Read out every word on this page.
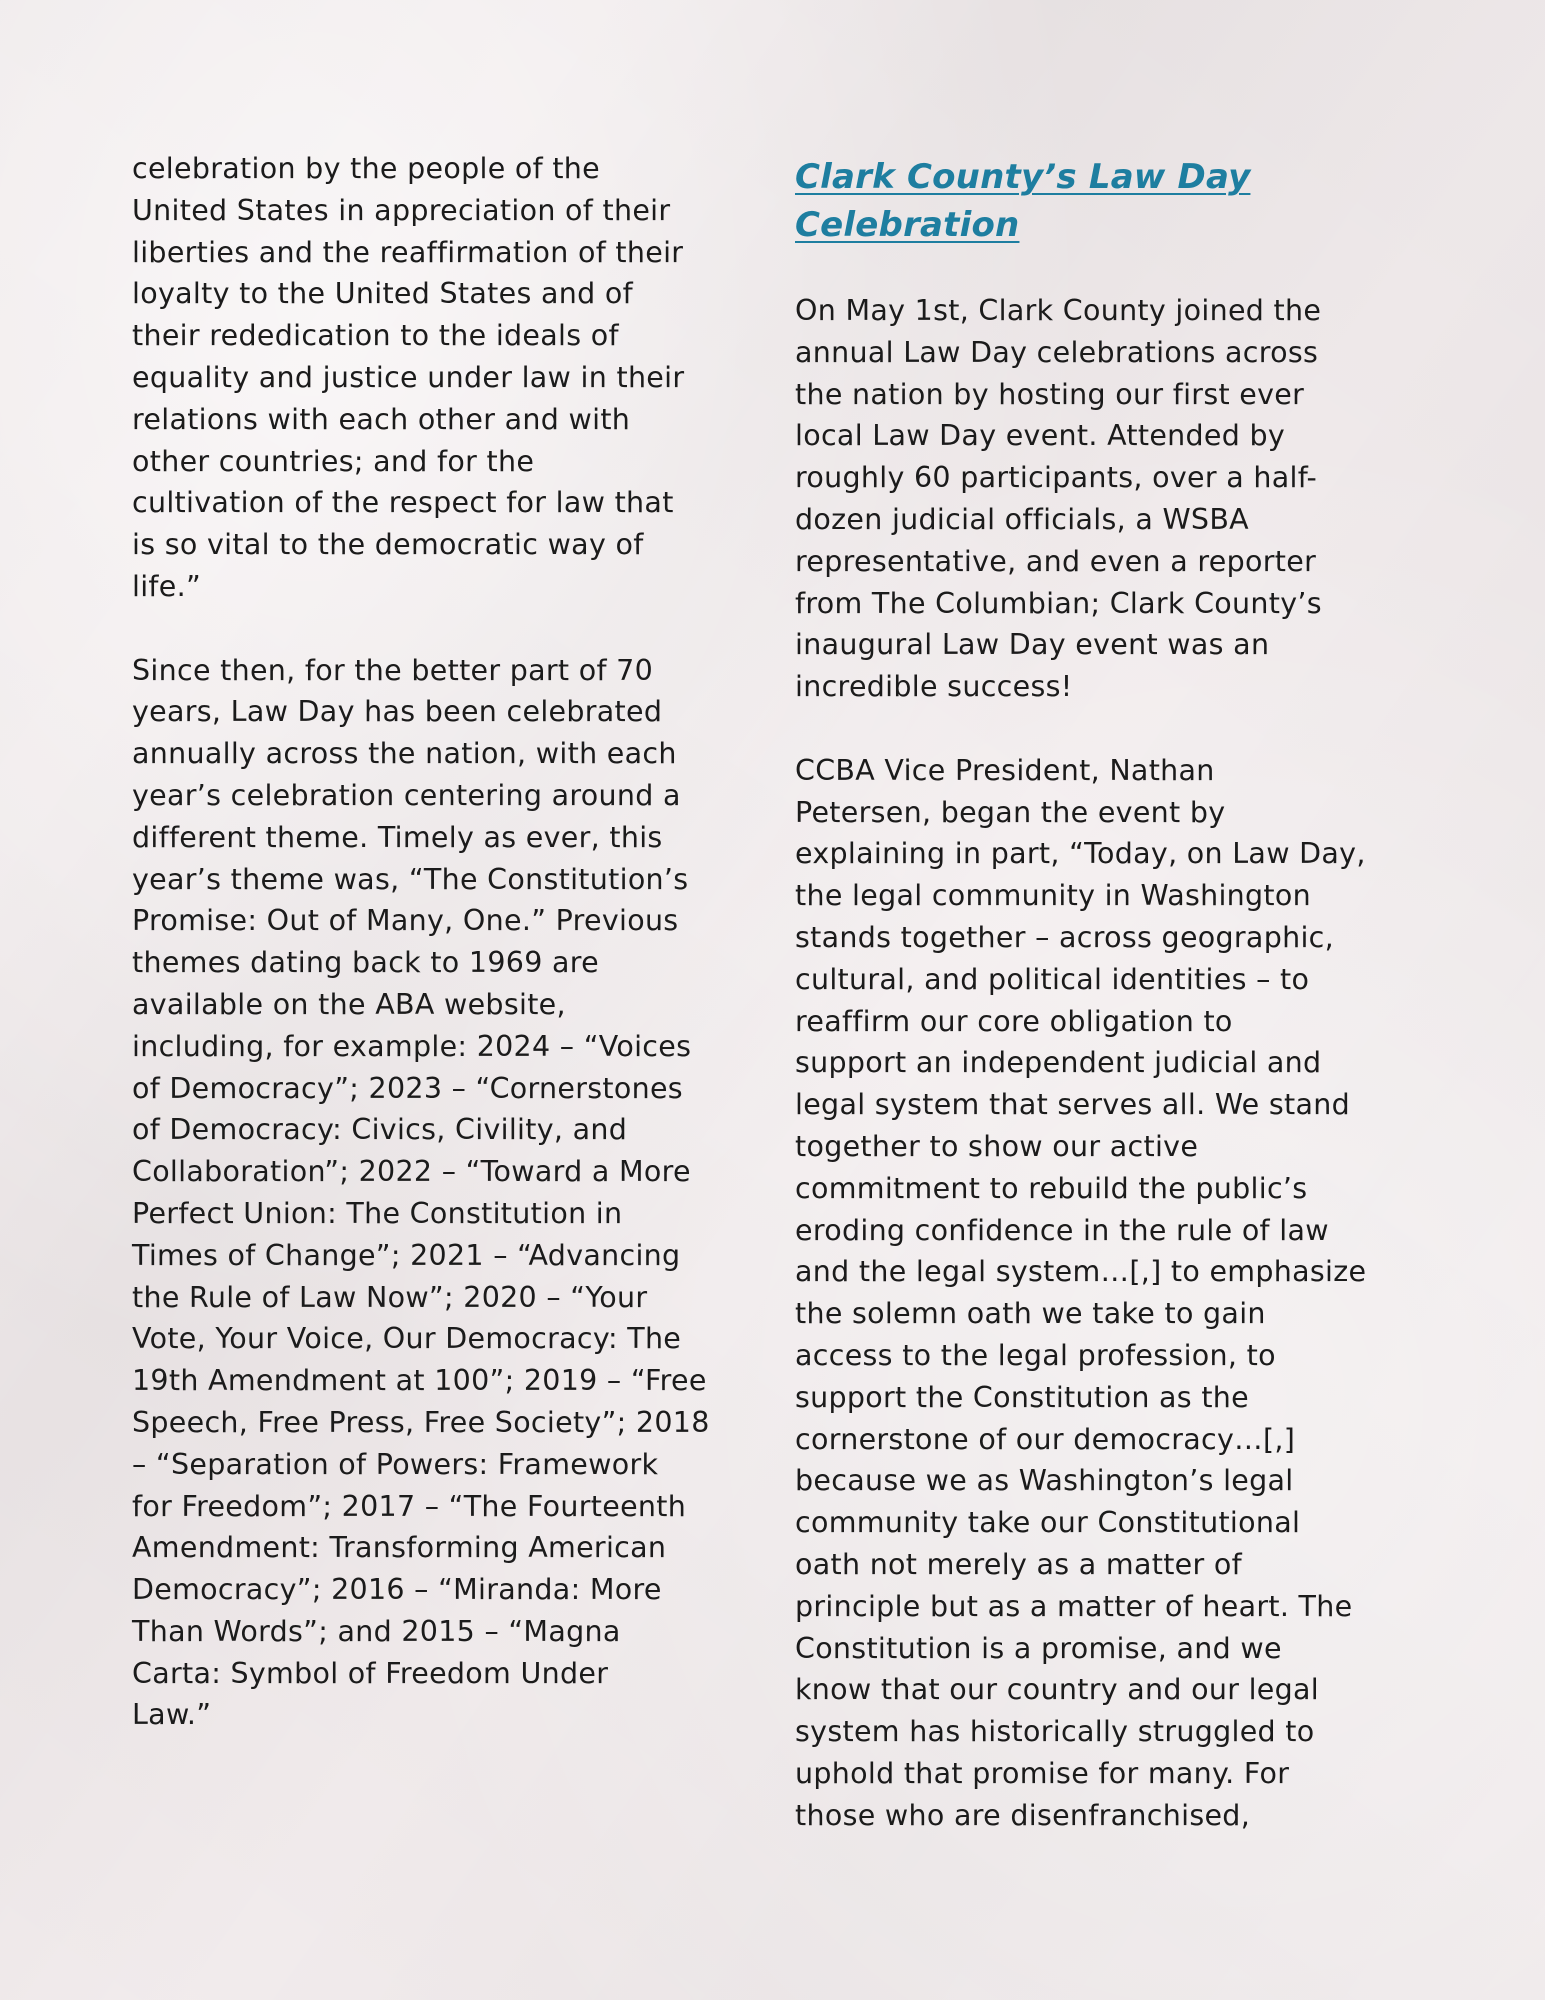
celebration by the people of the
United States in appreciation of their
liberties and the reaffirmation of their
loyalty to the United States and of
their rededication to the ideals of
equality and justice under law in their
relations with each other and with
other countries; and for the
cultivation of the respect for law that
is so vital to the democratic way of
life.”

Since then, for the better part of 70
years, Law Day has been celebrated
annually across the nation, with each
year’s celebration centering around a
different theme. Timely as ever, this
year’s theme was, “The Constitution’s
Promise: Out of Many, One.” Previous
themes dating back to 1969 are
available on the ABA website,
including, for example: 2024 – “Voices
of Democracy”; 2023 – “Cornerstones
of Democracy: Civics, Civility, and
Collaboration”; 2022 – “Toward a More
Perfect Union: The Constitution in
Times of Change”; 2021 – “Advancing
the Rule of Law Now”; 2020 – “Your
Vote, Your Voice, Our Democracy: The
19th Amendment at 100”; 2019 – “Free
Speech, Free Press, Free Society”; 2018
– “Separation of Powers: Framework
for Freedom”; 2017 – “The Fourteenth
Amendment: Transforming American
Democracy”; 2016 – “Miranda: More
Than Words”; and 2015 – “Magna
Carta: Symbol of Freedom Under
Law.”

Clark County’s Law Day
Celebration

On May 1st, Clark County joined the
annual Law Day celebrations across
the nation by hosting our first ever
local Law Day event. Attended by
roughly 60 participants, over a half-
dozen judicial officials, a WSBA
representative, and even a reporter
from The Columbian; Clark County’s
inaugural Law Day event was an
incredible success!

CCBA Vice President, Nathan
Petersen, began the event by
explaining in part, “Today, on Law Day,
the legal community in Washington
stands together – across geographic,
cultural, and political identities – to
reaffirm our core obligation to
support an independent judicial and
legal system that serves all. We stand
together to show our active
commitment to rebuild the public’s
eroding confidence in the rule of law
and the legal system…[,] to emphasize
the solemn oath we take to gain
access to the legal profession, to
support the Constitution as the
cornerstone of our democracy…[,]
because we as Washington’s legal
community take our Constitutional
oath not merely as a matter of
principle but as a matter of heart. The
Constitution is a promise, and we
know that our country and our legal
system has historically struggled to
uphold that promise for many. For
those who are disenfranchised,
